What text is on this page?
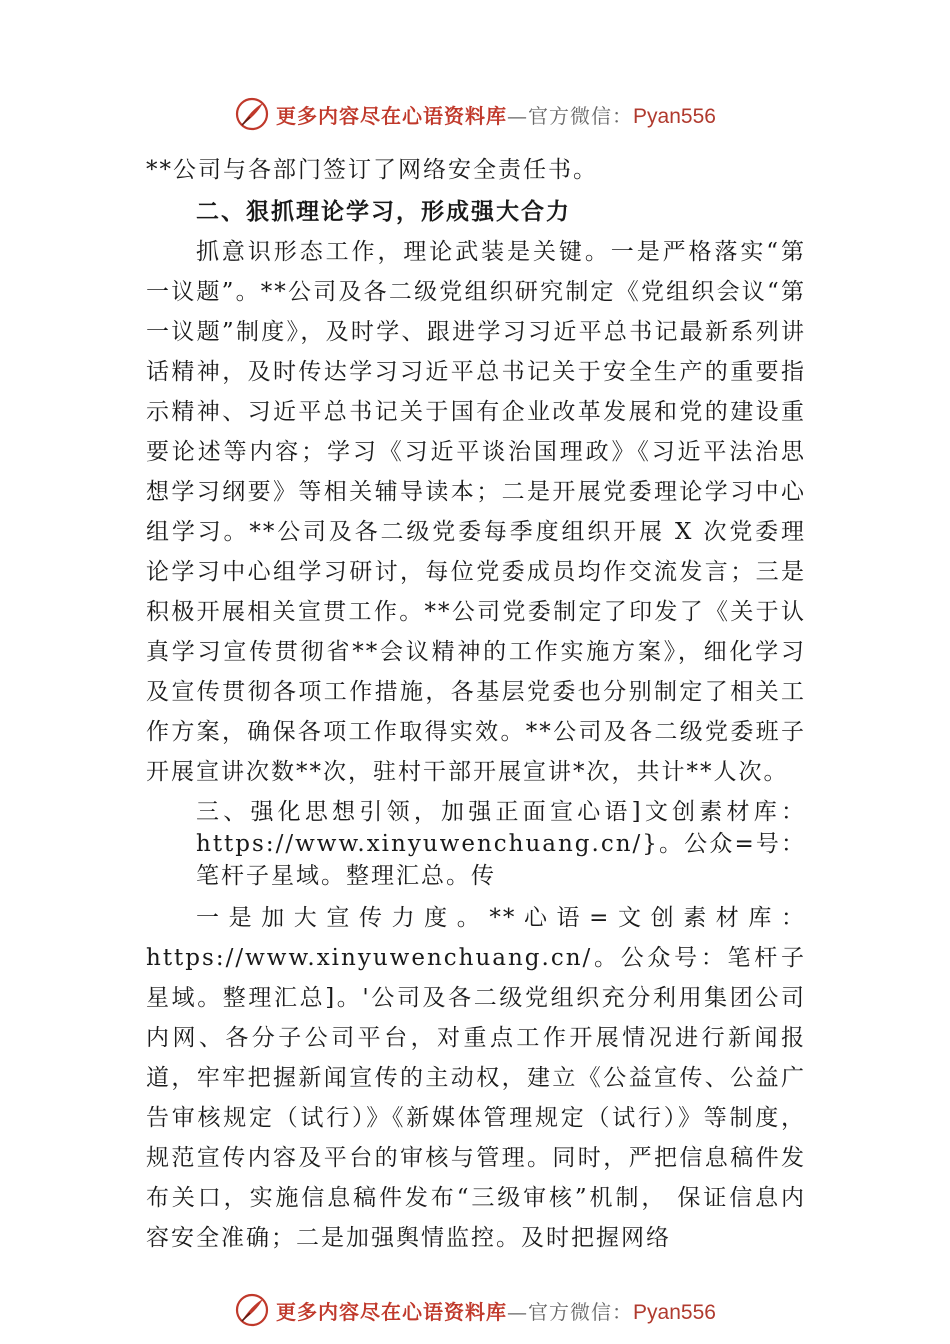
更多内容尽在心语资料库—官方微信：Pyan556

**公司与各部门签订了网络安全责任书。

二、狠抓理论学习，形成强大合力

抓意识形态工作，理论武装是关键。一是严格落实“第一议题”。**公司及各二级党组织研究制定《党组织会议“第一议题”制度》，及时学、跟进学习习近平总书记最新系列讲话精神，及时传达学习习近平总书记关于安全生产的重要指示精神、习近平总书记关于国有企业改革发展和党的建设重要论述等内容；学习《习近平谈治国理政》《习近平法治思想学习纲要》等相关辅导读本；二是开展党委理论学习中心组学习。**公司及各二级党委每季度组织开展 X 次党委理论学习中心组学习研讨，每位党委成员均作交流发言；三是积极开展相关宣贯工作。**公司党委制定了印发了《关于认真学习宣传贯彻省**会议精神的工作实施方案》，细化学习及宣传贯彻各项工作措施，各基层党委也分别制定了相关工作方案，确保各项工作取得实效。**公司及各二级党委班子开展宣讲次数**次，驻村干部开展宣讲*次，共计**人次。

三、强化思想引领，加强正面宣心语]文创素材库：https://www.xinyuwenchuang.cn/}。公众=号：笔杆子星域。整理汇总。传

一是加大宣传力度。**心语=文创素材库：https://www.xinyuwenchuang.cn/。公众号：笔杆子星域。整理汇总]。'公司及各二级党组织充分利用集团公司内网、各分子公司平台，对重点工作开展情况进行新闻报道，牢牢把握新闻宣传的主动权，建立《公益宣传、公益广告审核规定（试行）》《新媒体管理规定（试行）》等制度，规范宣传内容及平台的审核与管理。同时，严把信息稿件发布关口，实施信息稿件发布“三级审核”机制， 保证信息内容安全准确；二是加强舆情监控。及时把握网络

更多内容尽在心语资料库—官方微信：Pyan556
